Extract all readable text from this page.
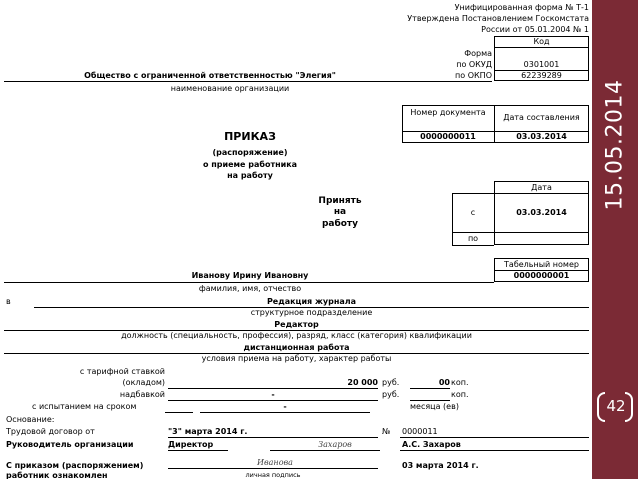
Унифицированная форма № Т-1
Утверждена Постановлением Госкомстата
России от 05.01.2004 № 1
Код
Форма
по ОКУД	0301001
по ОКПО	62239289
Общество с ограниченной ответственностью "Элегия"
наименование организации
Номер документа
Дата составления
0000000011	03.03.2014
ПРИКАЗ
(распоряжение)
о приеме работника
на работу
Принять
на
работу
Дата
с	03.03.2014
по
Табельный номер
0000000001
Иванову Ирину Ивановну
фамилия, имя, отчество
в	Редакция журнала
структурное подразделение
Редактор
должность (специальность, профессия), разряд, класс (категория) квалификации
дистанционная работа
условия приема на работу, характер работы
с тарифной ставкой
(окладом)	20 000 руб.	00 коп.
надбавкой	-	руб.	коп.
с испытанием на сроком	-	месяца (ев)
Основание:
Трудовой договор от	"3" марта 2014 г.	№ 0000011
Руководитель организации	Директор	Захаров	А.С. Захаров
С приказом (распоряжением)
работник ознакомлен
Иванова
личная подпись
03 марта 2014 г.
15.05.2014
42
